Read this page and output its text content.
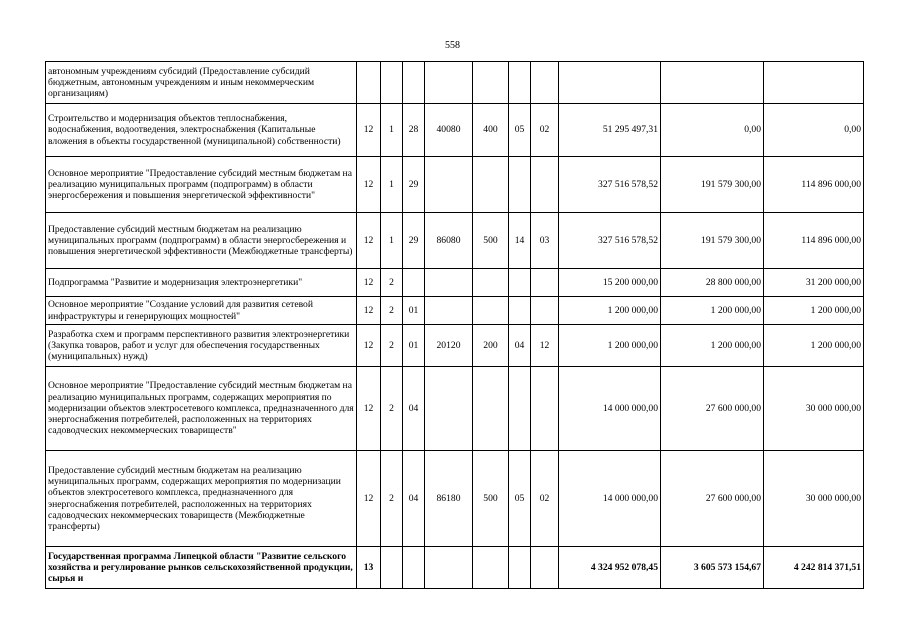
558
автономным учреждениям субсидий (Предоставление субсидий бюджетным, автономным учреждениям и иным некоммерческим организациям)										
Строительство и модернизация объектов теплоснабжения, водоснабжения, водоотведения, электроснабжения (Капитальные вложения в объекты государственной (муниципальной) собственности)	12	1	28	40080	400	05	02	51 295 497,31	0,00	0,00
Основное мероприятие "Предоставление субсидий местным бюджетам на реализацию муниципальных программ (подпрограмм) в области энергосбережения и повышения энергетической эффективности"	12	1	29					327 516 578,52	191 579 300,00	114 896 000,00
Предоставление субсидий местным бюджетам на реализацию муниципальных программ (подпрограмм) в области энергосбережения и повышения энергетической эффективности (Межбюджетные трансферты)	12	1	29	86080	500	14	03	327 516 578,52	191 579 300,00	114 896 000,00
Подпрограмма "Развитие и модернизация электроэнергетики"	12	2						15 200 000,00	28 800 000,00	31 200 000,00
Основное мероприятие "Создание условий для развития сетевой инфраструктуры и генерирующих мощностей"	12	2	01					1 200 000,00	1 200 000,00	1 200 000,00
Разработка схем и программ перспективного развития электроэнергетики (Закупка товаров, работ и услуг для обеспечения государственных (муниципальных) нужд)	12	2	01	20120	200	04	12	1 200 000,00	1 200 000,00	1 200 000,00
Основное мероприятие "Предоставление субсидий местным бюджетам на реализацию муниципальных программ, содержащих мероприятия по модернизации объектов электросетевого комплекса, предназначенного для энергоснабжения потребителей, расположенных на территориях садоводческих некоммерческих товариществ"	12	2	04					14 000 000,00	27 600 000,00	30 000 000,00
Предоставление субсидий местным бюджетам на реализацию муниципальных программ, содержащих мероприятия по модернизации объектов электросетевого комплекса, предназначенного для энергоснабжения потребителей, расположенных на территориях садоводческих некоммерческих товариществ (Межбюджетные трансферты)	12	2	04	86180	500	05	02	14 000 000,00	27 600 000,00	30 000 000,00
Государственная программа Липецкой области "Развитие сельского хозяйства и регулирование рынков сельскохозяйственной продукции, сырья и	13							4 324 952 078,45	3 605 573 154,67	4 242 814 371,51
